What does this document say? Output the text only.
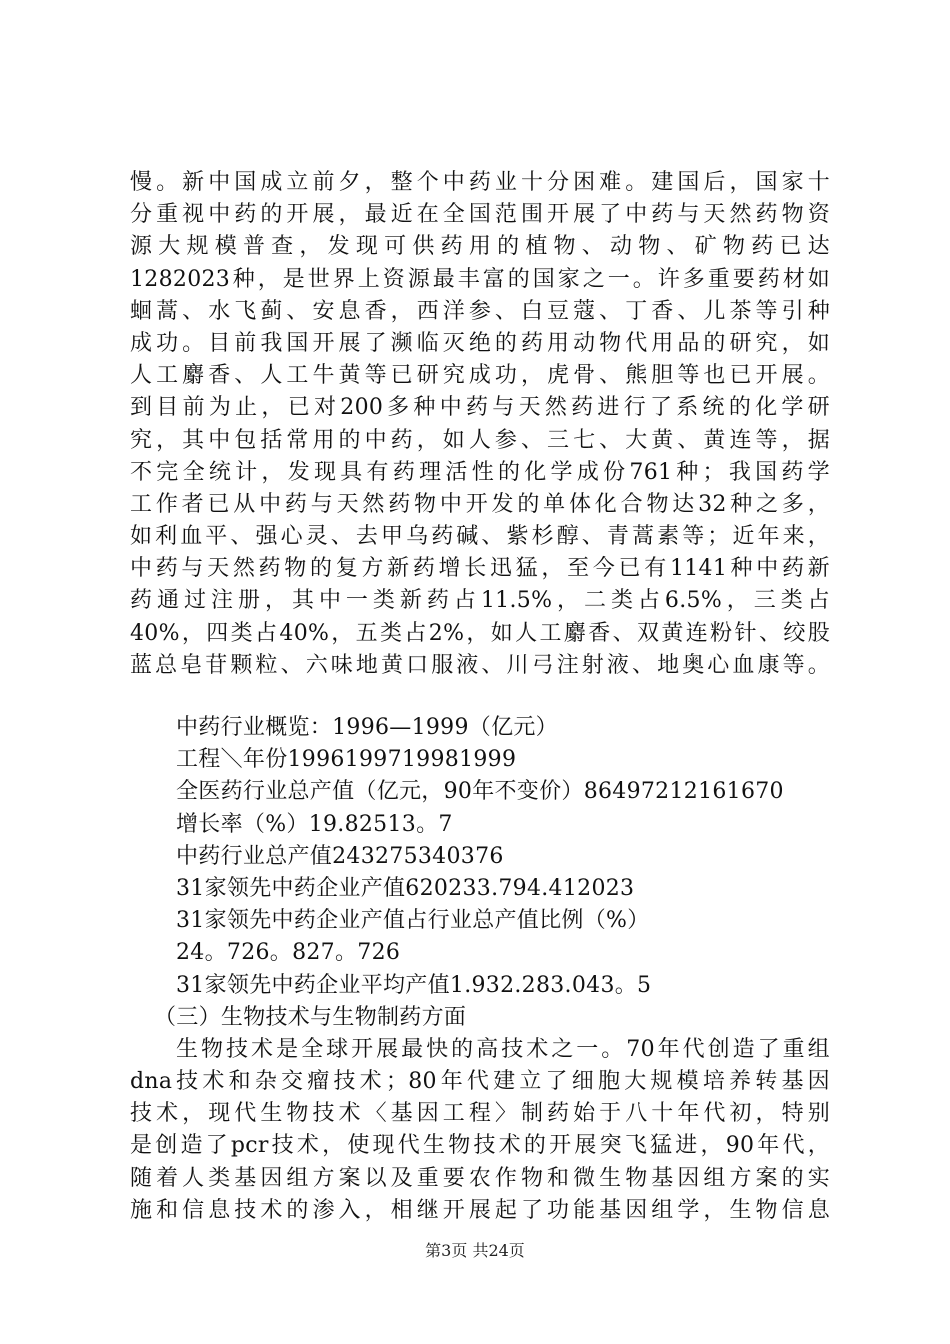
慢。新中国成立前夕，整个中药业十分困难。建国后，国家十
分重视中药的开展，最近在全国范围开展了中药与天然药物资
源大规模普查，发现可供药用的植物、动物、矿物药已达
1282023种，是世界上资源最丰富的国家之一。许多重要药材如
蛔蒿、水飞蓟、安息香，西洋参、白豆蔻、丁香、儿茶等引种
成功。目前我国开展了濒临灭绝的药用动物代用品的研究，如
人工麝香、人工牛黄等已研究成功，虎骨、熊胆等也已开展。
到目前为止，已对200多种中药与天然药进行了系统的化学研
究，其中包括常用的中药，如人参、三七、大黄、黄连等，据
不完全统计，发现具有药理活性的化学成份761种；我国药学
工作者已从中药与天然药物中开发的单体化合物达32种之多，
如利血平、强心灵、去甲乌药碱、紫杉醇、青蒿素等；近年来，
中药与天然药物的复方新药增长迅猛，至今已有1141种中药新
药通过注册，其中一类新药占11.5%，二类占6.5%，三类占
40%，四类占40%，五类占2%，如人工麝香、双黄连粉针、绞股
蓝总皂苷颗粒、六味地黄口服液、川弓注射液、地奥心血康等。
中药行业概览：1996—1999（亿元）
工程＼年份1996199719981999
全医药行业总产值（亿元，90年不变价）86497212161670
增长率（%）19.82513。7
中药行业总产值243275340376
31家领先中药企业产值620233.794.412023
31家领先中药企业产值占行业总产值比例（%）
24。726。827。726
31家领先中药企业平均产值1.932.283.043。5
（三）生物技术与生物制药方面
生物技术是全球开展最快的高技术之一。70年代创造了重组
dna技术和杂交瘤技术；80年代建立了细胞大规模培养转基因
技术，现代生物技术〈基因工程〉制药始于八十年代初，特别
是创造了pcr技术，使现代生物技术的开展突飞猛进，90年代，
随着人类基因组方案以及重要农作物和微生物基因组方案的实
施和信息技术的渗入，相继开展起了功能基因组学，生物信息
第3页 共24页
